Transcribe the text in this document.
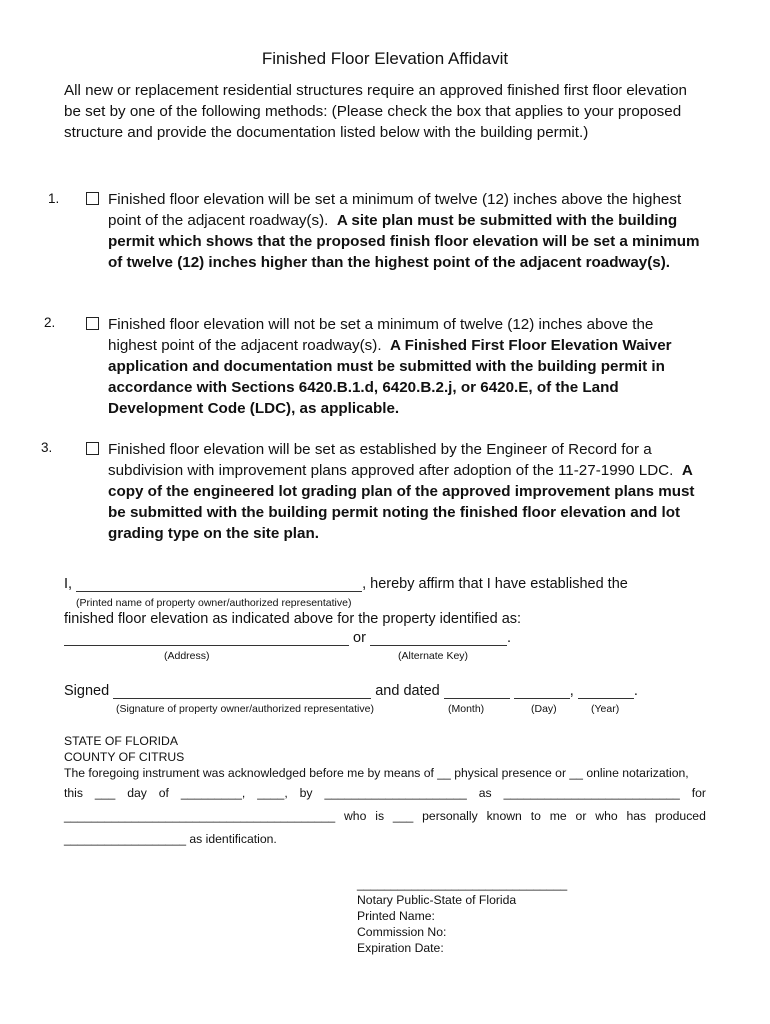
Finished Floor Elevation Affidavit
All new or replacement residential structures require an approved finished first floor elevation be set by one of the following methods: (Please check the box that applies to your proposed structure and provide the documentation listed below with the building permit.)
1.	Finished floor elevation will be set a minimum of twelve (12) inches above the highest point of the adjacent roadway(s). A site plan must be submitted with the building permit which shows that the proposed finish floor elevation will be set a minimum of twelve (12) inches higher than the highest point of the adjacent roadway(s).
2.	Finished floor elevation will not be set a minimum of twelve (12) inches above the highest point of the adjacent roadway(s). A Finished First Floor Elevation Waiver application and documentation must be submitted with the building permit in accordance with Sections 6420.B.1.d, 6420.B.2.j, or 6420.E, of the Land Development Code (LDC), as applicable.
3.	Finished floor elevation will be set as established by the Engineer of Record for a subdivision with improvement plans approved after adoption of the 11-27-1990 LDC. A copy of the engineered lot grading plan of the approved improvement plans must be submitted with the building permit noting the finished floor elevation and lot grading type on the site plan.
I,	, hereby affirm that I have established the
(Printed name of property owner/authorized representative)
finished floor elevation as indicated above for the property identified as:
or	.
(Address)	(Alternate Key)
Signed	and dated	,	.
(Signature of property owner/authorized representative)	(Month)	(Day)	(Year)
STATE OF FLORIDA
COUNTY OF CITRUS
The foregoing instrument was acknowledged before me by means of __ physical presence or __ online notarization,
this ___ day of _________, ____, by _____________________ as __________________________ for
________________________________________ who is ___ personally known to me or who has produced
__________________ as identification.
_______________________________
Notary Public-State of Florida
Printed Name:
Commission No:
Expiration Date:
